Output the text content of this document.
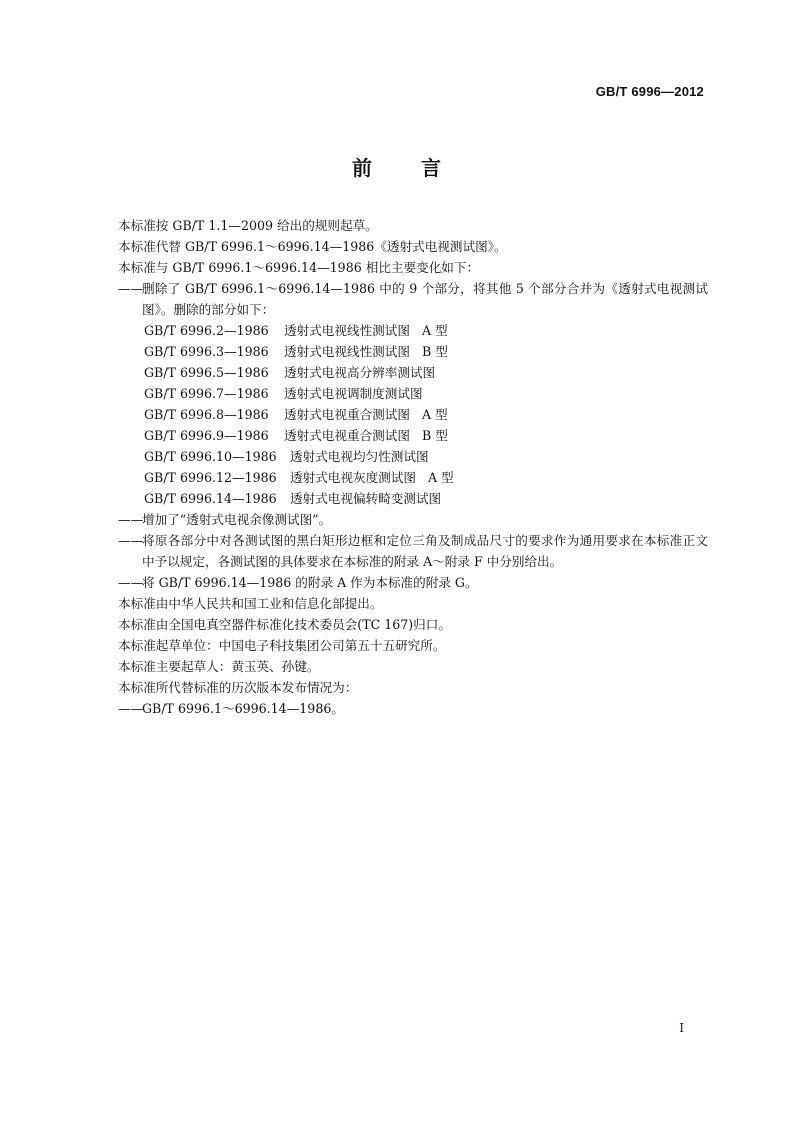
GB/T 6996—2012
前 言

本标准按 GB/T 1.1—2009 给出的规则起草。

本标准代替 GB/T 6996.1～6996.14—1986《透射式电视测试图》。

本标准与 GB/T 6996.1～6996.14—1986 相比主要变化如下：

——
删除了 GB/T 6996.1～6996.14—1986 中的 9 个部分，将其他 5 个部分合并为《透射式电视测试图》。删除的部分如下：
GB/T 6996.2—1986 透射式电视线性测试图 A 型
GB/T 6996.3—1986 透射式电视线性测试图 B 型
GB/T 6996.5—1986 透射式电视高分辨率测试图
GB/T 6996.7—1986 透射式电视调制度测试图
GB/T 6996.8—1986 透射式电视重合测试图 A 型
GB/T 6996.9—1986 透射式电视重合测试图 B 型
GB/T 6996.10—1986 透射式电视均匀性测试图
GB/T 6996.12—1986 透射式电视灰度测试图 A 型
GB/T 6996.14—1986 透射式电视偏转畸变测试图
——
增加了“透射式电视余像测试图”。
——
将原各部分中对各测试图的黑白矩形边框和定位三角及制成品尺寸的要求作为通用要求在本标准正文中予以规定，各测试图的具体要求在本标准的附录 A～附录 F 中分别给出。
——
将 GB/T 6996.14—1986 的附录 A 作为本标准的附录 G。

本标准由中华人民共和国工业和信息化部提出。

本标准由全国电真空器件标准化技术委员会(TC 167)归口。

本标准起草单位：中国电子科技集团公司第五十五研究所。

本标准主要起草人：黄玉英、孙键。

本标准所代替标准的历次版本发布情况为：

——
GB/T 6996.1～6996.14—1986。
I
